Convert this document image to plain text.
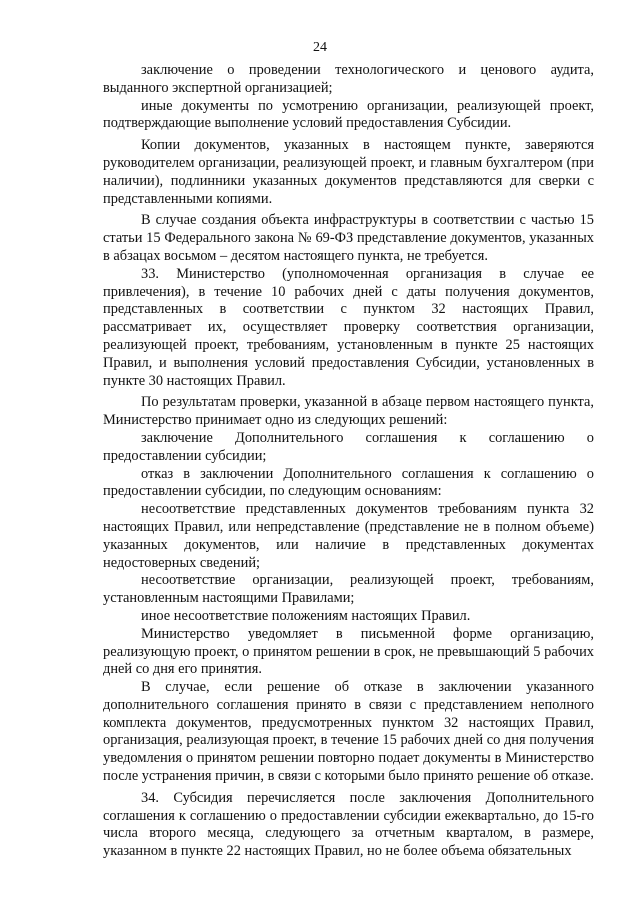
24

заключение о проведении технологического и ценового аудита, выданного экспертной организацией;

иные документы по усмотрению организации, реализующей проект, подтверждающие выполнение условий предоставления Субсидии.

Копии документов, указанных в настоящем пункте, заверяются руководителем организации, реализующей проект, и главным бухгалтером (при наличии), подлинники указанных документов представляются для сверки с представленными копиями.

В случае создания объекта инфраструктуры в соответствии с частью 15 статьи 15 Федерального закона № 69-ФЗ представление документов, указанных в абзацах восьмом – десятом настоящего пункта, не требуется.

33. Министерство (уполномоченная организация в случае ее привлечения), в течение 10 рабочих дней с даты получения документов, представленных в соответствии с пунктом 32 настоящих Правил, рассматривает их, осуществляет проверку соответствия организации, реализующей проект, требованиям, установленным в пункте 25 настоящих Правил, и выполнения условий предоставления Субсидии, установленных в пункте 30 настоящих Правил.

По результатам проверки, указанной в абзаце первом настоящего пункта, Министерство принимает одно из следующих решений:

заключение Дополнительного соглашения к соглашению о предоставлении субсидии;

отказ в заключении Дополнительного соглашения к соглашению о предоставлении субсидии, по следующим основаниям:

несоответствие представленных документов требованиям пункта 32 настоящих Правил, или непредставление (представление не в полном объеме) указанных документов, или наличие в представленных документах недостоверных сведений;

несоответствие организации, реализующей проект, требованиям, установленным настоящими Правилами;

иное несоответствие положениям настоящих Правил.

Министерство уведомляет в письменной форме организацию, реализующую проект, о принятом решении в срок, не превышающий 5 рабочих дней со дня его принятия.

В случае, если решение об отказе в заключении указанного дополнительного соглашения принято в связи с представлением неполного комплекта документов, предусмотренных пунктом 32 настоящих Правил, организация, реализующая проект, в течение 15 рабочих дней со дня получения уведомления о принятом решении повторно подает документы в Министерство после устранения причин, в связи с которыми было принято решение об отказе.

34. Субсидия перечисляется после заключения Дополнительного соглашения к соглашению о предоставлении субсидии ежеквартально, до 15-го числа второго месяца, следующего за отчетным кварталом, в размере, указанном в пункте 22 настоящих Правил, но не более объема обязательных
